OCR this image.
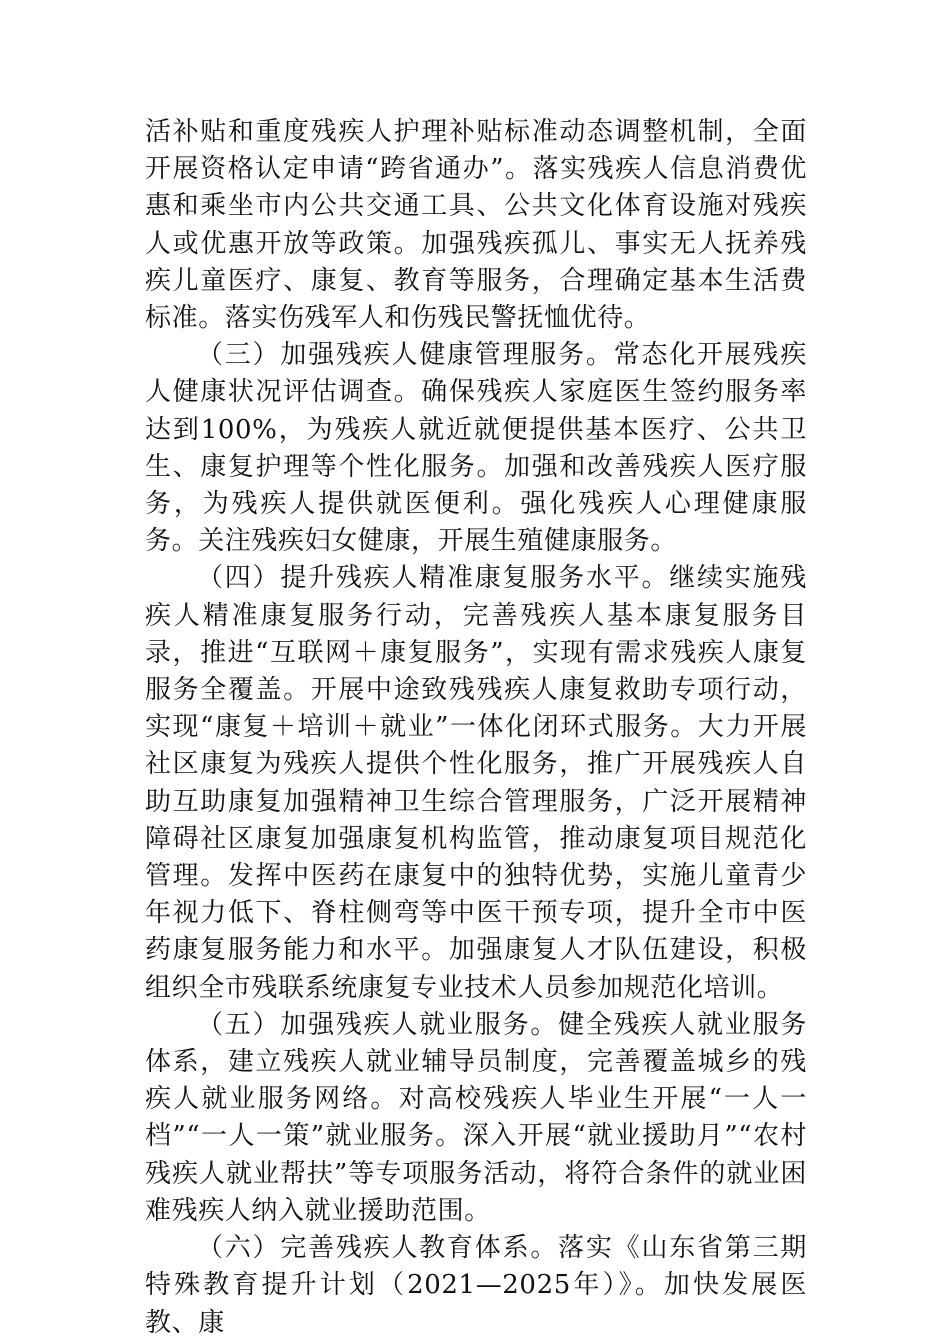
活补贴和重度残疾人护理补贴标准动态调整机制，全面开展资格认定申请“跨省通办”。落实残疾人信息消费优惠和乘坐市内公共交通工具、公共文化体育设施对残疾人或优惠开放等政策。加强残疾孤儿、事实无人抚养残疾儿童医疗、康复、教育等服务，合理确定基本生活费标准。落实伤残军人和伤残民警抚恤优待。

（三）加强残疾人健康管理服务。常态化开展残疾人健康状况评估调查。确保残疾人家庭医生签约服务率达到100%，为残疾人就近就便提供基本医疗、公共卫生、康复护理等个性化服务。加强和改善残疾人医疗服务，为残疾人提供就医便利。强化残疾人心理健康服务。关注残疾妇女健康，开展生殖健康服务。

（四）提升残疾人精准康复服务水平。继续实施残疾人精准康复服务行动，完善残疾人基本康复服务目录，推进“互联网＋康复服务”，实现有需求残疾人康复服务全覆盖。开展中途致残残疾人康复救助专项行动，实现“康复＋培训＋就业”一体化闭环式服务。大力开展社区康复为残疾人提供个性化服务，推广开展残疾人自助互助康复加强精神卫生综合管理服务，广泛开展精神障碍社区康复加强康复机构监管，推动康复项目规范化管理。发挥中医药在康复中的独特优势，实施儿童青少年视力低下、脊柱侧弯等中医干预专项，提升全市中医药康复服务能力和水平。加强康复人才队伍建设，积极组织全市残联系统康复专业技术人员参加规范化培训。

（五）加强残疾人就业服务。健全残疾人就业服务体系，建立残疾人就业辅导员制度，完善覆盖城乡的残疾人就业服务网络。对高校残疾人毕业生开展“一人一档”“一人一策”就业服务。深入开展“就业援助月”“农村残疾人就业帮扶”等专项服务活动，将符合条件的就业困难残疾人纳入就业援助范围。

（六）完善残疾人教育体系。落实《山东省第三期特殊教育提升计划（2021—2025年）》。加快发展医教、康
